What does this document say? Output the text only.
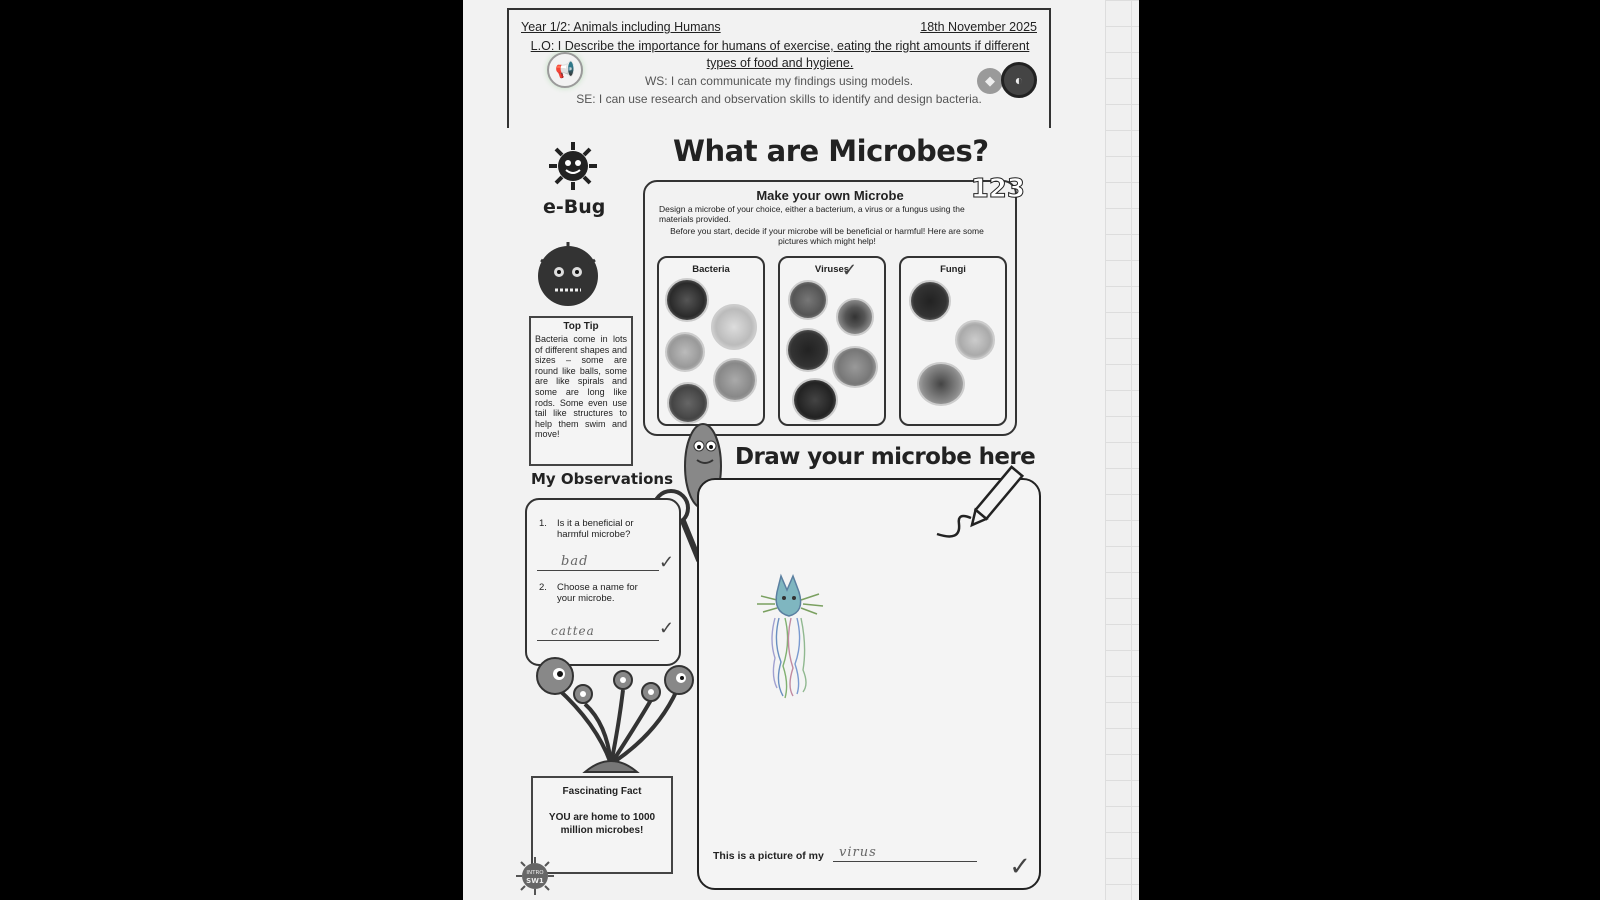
Year 1/2: Animals including Humans	18th November 2025
L.O: I Describe the importance for humans of exercise, eating the right amounts if different types of food and hygiene.
WS: I can communicate my findings using models.
SE: I can use research and observation skills to identify and design bacteria.
📢
◆	◐
e-Bug
What are Microbes?
Make your own Microbe
Design a microbe of your choice, either a bacterium, a virus or a fungus using the materials provided.
Before you start, decide if your microbe will be beneficial or harmful! Here are some pictures which might help!
123
Bacteria	Viruses
✓	Fungi
Top Tip
Bacteria come in lots of different shapes and sizes – some are round like balls, some are like spirals and some are long like rods. Some even use tail like structures to help them swim and move!
My Observations
1.	Is it a beneficial or harmful microbe?
bad	✓
2.	Choose a name for your microbe.
cattea	✓
Fascinating Fact
YOU are home to 1000 million microbes!
INTRO
SW1
Draw your microbe here
This is a picture of my virus	✓
